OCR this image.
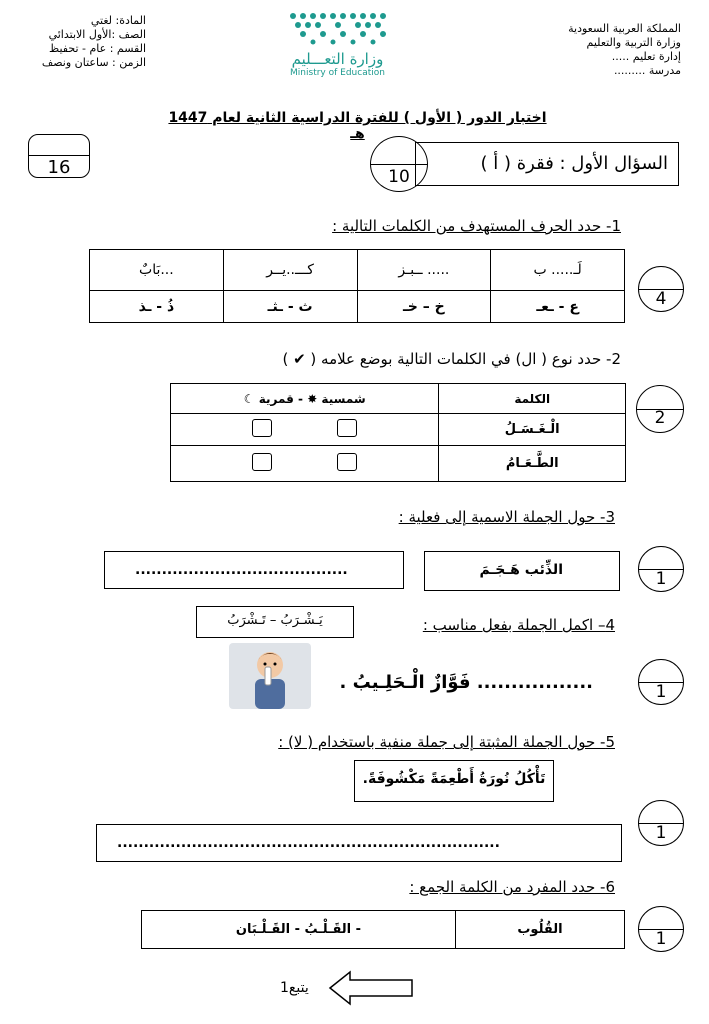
المملكة العربية السعودية
وزارة التربية والتعليم
إدارة تعليم .....
مدرسة .........
المادة: لغتي
الصف :الأول الابتدائي
القسم : عام - تحفيظ
الزمن : ساعتان ونصف	وزارة التعـــليم
Ministry of Education
اختبار الدور ( الأول ) للفترة الدراسية الثانية لعام 1447 هـ
16	السؤال الأول : فقرة ( أ )
10
1- حدد الحرف المستهدف من الكلمات التالية :
لَـ..... ب	..... ــبـز	كـــ..يــر	...بَابٌ
ع - ـعـ	خ – خـ	ث - ـثـ	ذُ - ـذ	4
2- حدد نوع ( ال) في الكلمات التالية بوضع علامه ( ✔ )
الكلمة	شمسية ✸ - قمرية ☾
الْـغَـسَـلُ	
الطَّـعَـامُ	
2
3- حول الجملة الاسمية إلى فعلية :
الذِّئب هَـجَـمَ
........................................	1
4– اكمل الجملة بفعل مناسب :
يَـشْـرَبُ – تَـشْرَبُ
................. فَوَّازٌ الْـحَلِـيبُ .	1
5- حول الجملة المثبتة إلى جملة منفية باستخدام ( لا) :
تَأْكُلُ نُورَةُ أَطْعِمَةً مَكْشُوفَةً.
........................................................................	1
6- حدد المفرد من الكلمة الجمع :
القُلُوب	- القَـلْـبُ - القَـلْـبَان	1
يتبع1
